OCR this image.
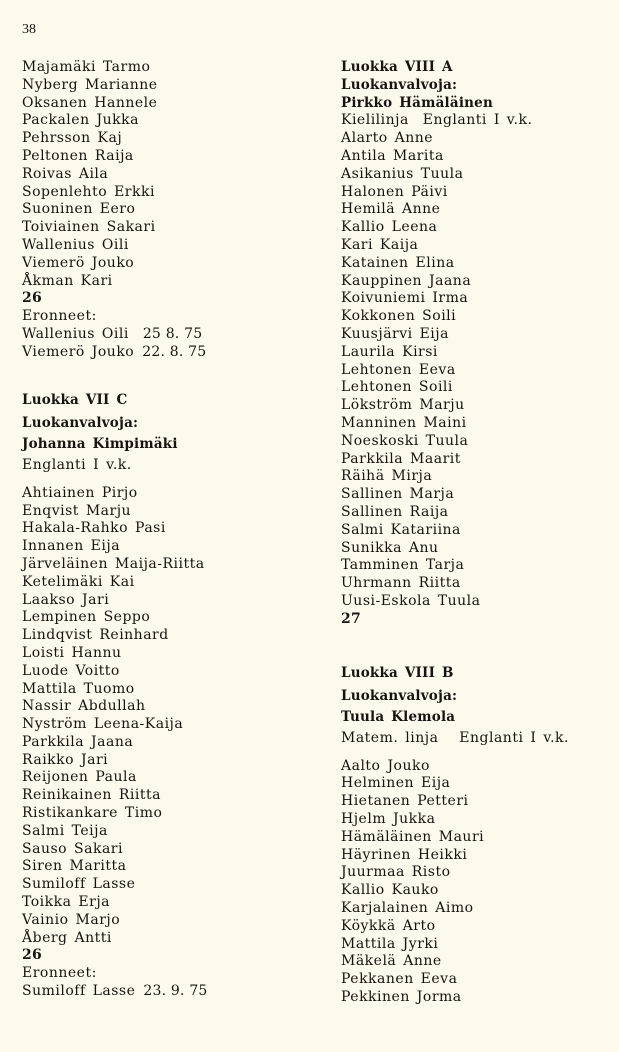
38
Majamäki Tarmo
Nyberg Marianne
Oksanen Hannele
Packalen Jukka
Pehrsson Kaj
Peltonen Raija
Roivas Aila
Sopenlehto Erkki
Suoninen Eero
Toiviainen Sakari
Wallenius Oili
Viemerö Jouko
Åkman Kari
26
Eronneet:
Wallenius Oili 25 8. 75
Viemerö Jouko 22. 8. 75
Luokka VII C
Luokanvalvoja:
Johanna Kimpimäki
Englanti I v.k.
Ahtiainen Pirjo
Enqvist Marju
Hakala-Rahko Pasi
Innanen Eija
Järveläinen Maija-Riitta
Ketelimäki Kai
Laakso Jari
Lempinen Seppo
Lindqvist Reinhard
Loisti Hannu
Luode Voitto
Mattila Tuomo
Nassir Abdullah
Nyström Leena-Kaija
Parkkila Jaana
Raikko Jari
Reijonen Paula
Reinikainen Riitta
Ristikankare Timo
Salmi Teija
Sauso Sakari
Siren Maritta
Sumiloff Lasse
Toikka Erja
Vainio Marjo
Åberg Antti
26
Eronneet:
Sumiloff Lasse 23. 9. 75
Luokka VIII A
Luokanvalvoja:
Pirkko Hämäläinen
Kielilinja  Englanti I v.k.
Alarto Anne
Antila Marita
Asikanius Tuula
Halonen Päivi
Hemilä Anne
Kallio Leena
Kari Kaija
Katainen Elina
Kauppinen Jaana
Koivuniemi Irma
Kokkonen Soili
Kuusjärvi Eija
Laurila Kirsi
Lehtonen Eeva
Lehtonen Soili
Lökström Marju
Manninen Maini
Noeskoski Tuula
Parkkila Maarit
Räihä Mirja
Sallinen Marja
Sallinen Raija
Salmi Katariina
Sunikka Anu
Tamminen Tarja
Uhrmann Riitta
Uusi-Eskola Tuula
27
Luokka VIII B
Luokanvalvoja:
Tuula Klemola
Matem. linja   Englanti I v.k.
Aalto Jouko
Helminen Eija
Hietanen Petteri
Hjelm Jukka
Hämäläinen Mauri
Häyrinen Heikki
Juurmaa Risto
Kallio Kauko
Karjalainen Aimo
Köykkä Arto
Mattila Jyrki
Mäkelä Anne
Pekkanen Eeva
Pekkinen Jorma
